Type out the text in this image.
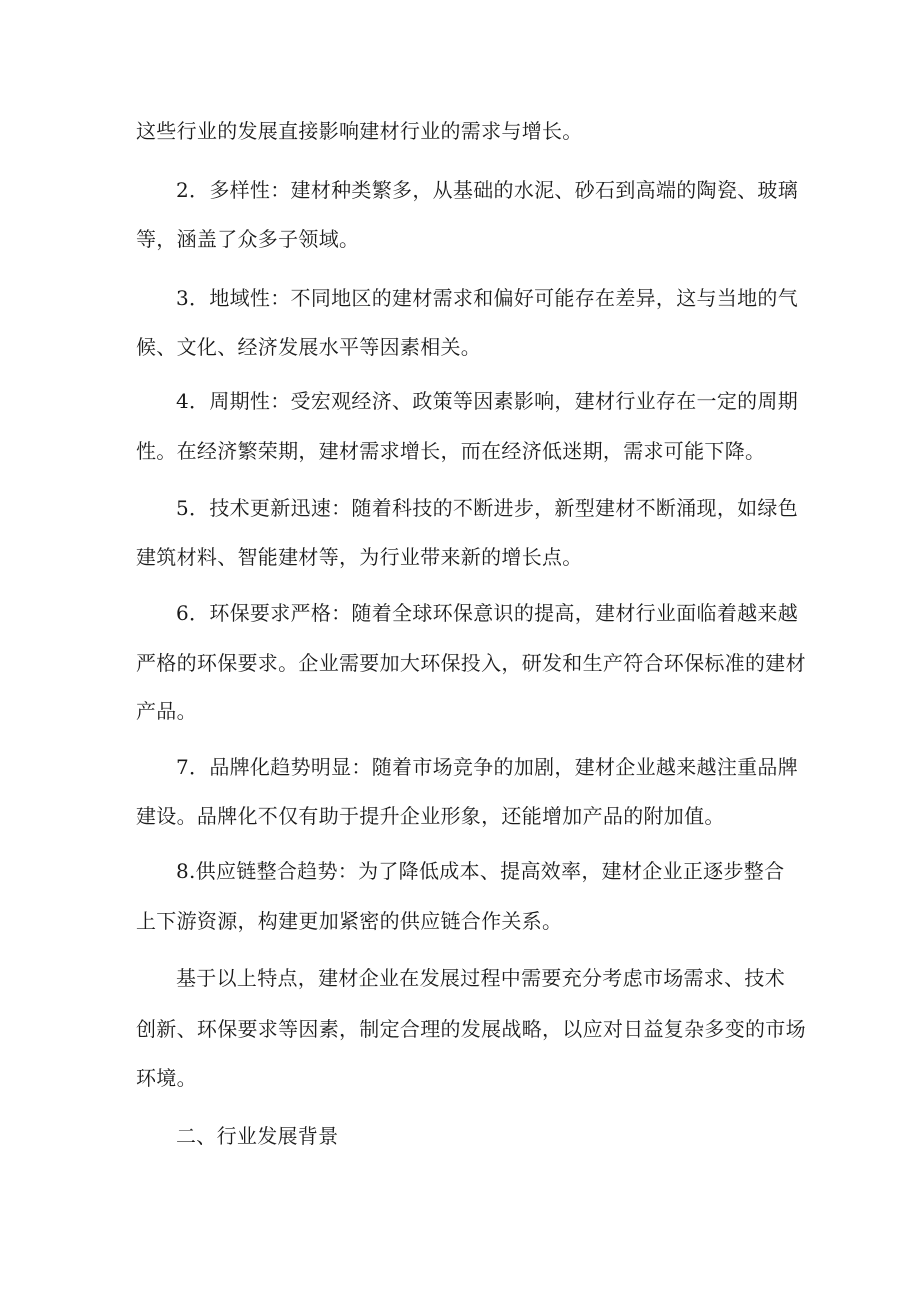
这些行业的发展直接影响建材行业的需求与增长。
2．多样性：建材种类繁多，从基础的水泥、砂石到高端的陶瓷、玻璃
等，涵盖了众多子领域。
3．地域性：不同地区的建材需求和偏好可能存在差异，这与当地的气
候、文化、经济发展水平等因素相关。
4．周期性：受宏观经济、政策等因素影响，建材行业存在一定的周期
性。在经济繁荣期，建材需求增长，而在经济低迷期，需求可能下降。
5．技术更新迅速：随着科技的不断进步，新型建材不断涌现，如绿色
建筑材料、智能建材等，为行业带来新的增长点。
6．环保要求严格：随着全球环保意识的提高，建材行业面临着越来越
严格的环保要求。企业需要加大环保投入，研发和生产符合环保标准的建材
产品。
7．品牌化趋势明显：随着市场竞争的加剧，建材企业越来越注重品牌
建设。品牌化不仅有助于提升企业形象，还能增加产品的附加值。
8.供应链整合趋势：为了降低成本、提高效率，建材企业正逐步整合
上下游资源，构建更加紧密的供应链合作关系。
基于以上特点，建材企业在发展过程中需要充分考虑市场需求、技术
创新、环保要求等因素，制定合理的发展战略，以应对日益复杂多变的市场
环境。
二、行业发展背景
